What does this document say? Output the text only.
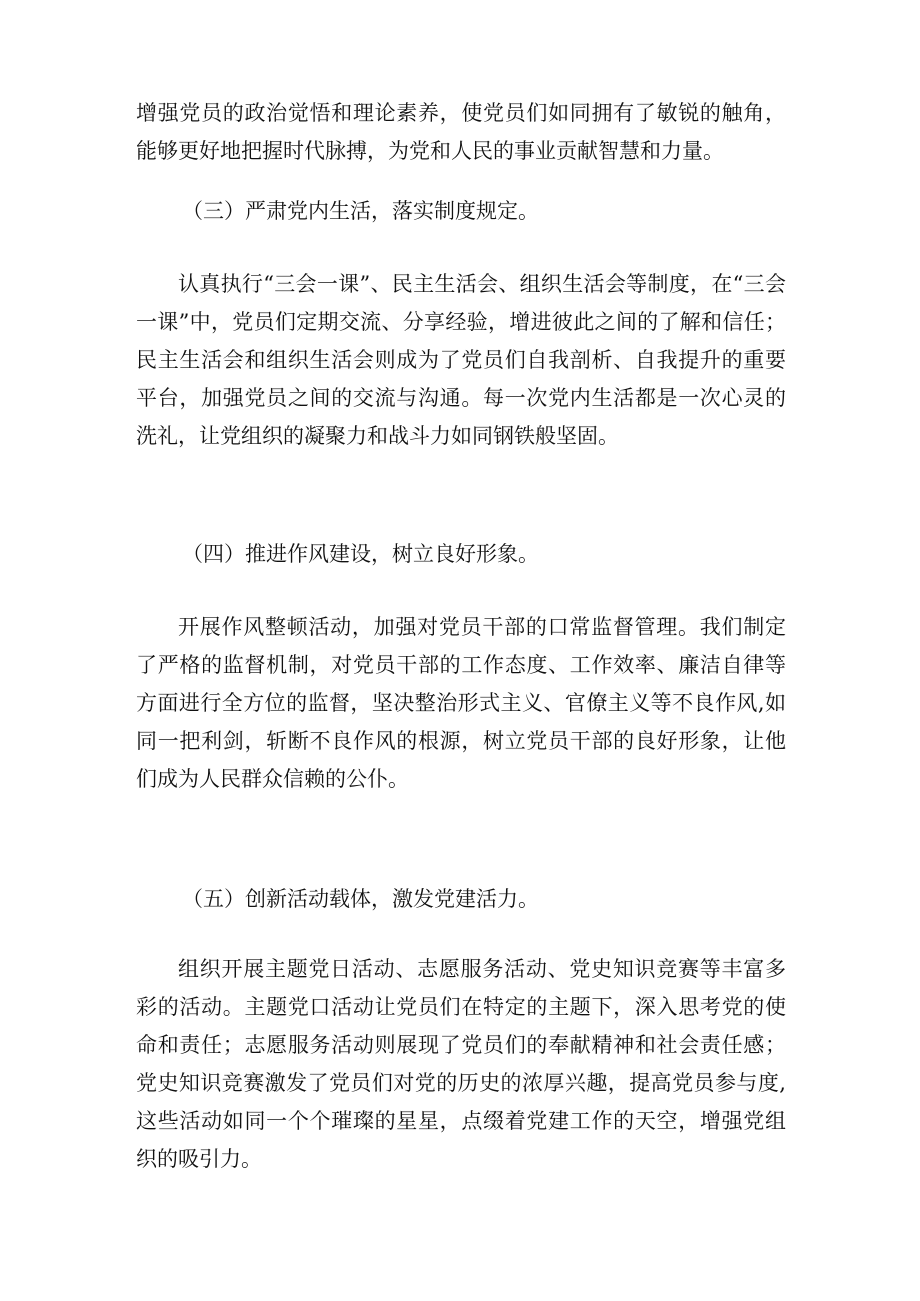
增强党员的政治觉悟和理论素养，使党员们如同拥有了敏锐的触角，能够更好地把握时代脉搏，为党和人民的事业贡献智慧和力量。

（三）严肃党内生活，落实制度规定。

认真执行“三会一课”、民主生活会、组织生活会等制度，在“三会一课”中，党员们定期交流、分享经验，增进彼此之间的了解和信任；民主生活会和组织生活会则成为了党员们自我剖析、自我提升的重要平台，加强党员之间的交流与沟通。每一次党内生活都是一次心灵的洗礼，让党组织的凝聚力和战斗力如同钢铁般坚固。

（四）推进作风建设，树立良好形象。

开展作风整顿活动，加强对党员干部的口常监督管理。我们制定了严格的监督机制，对党员干部的工作态度、工作效率、廉洁自律等方面进行全方位的监督，坚决整治形式主义、官僚主义等不良作风,如同一把利剑，斩断不良作风的根源，树立党员干部的良好形象，让他们成为人民群众信赖的公仆。

（五）创新活动载体，激发党建活力。

组织开展主题党日活动、志愿服务活动、党史知识竞赛等丰富多彩的活动。主题党口活动让党员们在特定的主题下，深入思考党的使命和责任；志愿服务活动则展现了党员们的奉献精神和社会责任感；党史知识竞赛激发了党员们对党的历史的浓厚兴趣，提高党员参与度,这些活动如同一个个璀璨的星星，点缀着党建工作的天空，增强党组织的吸引力。
